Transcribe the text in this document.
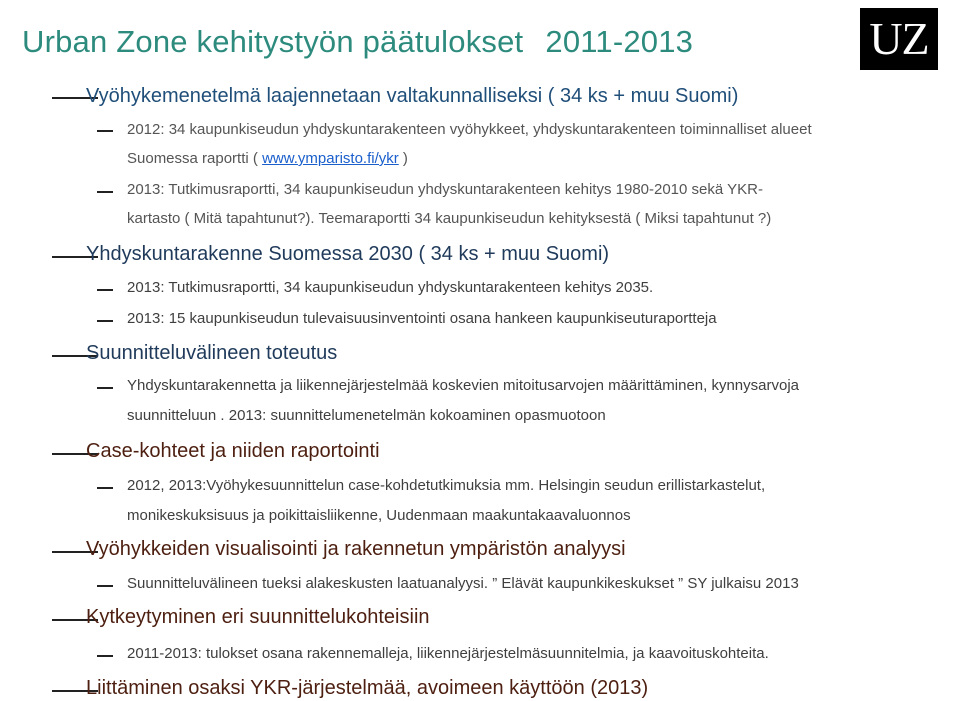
Urban Zone kehitystyön päätulokset 2011-2013	UZ
Vyöhykemenetelmä laajennetaan valtakunnalliseksi ( 34 ks + muu Suomi)
2012: 34 kaupunkiseudun yhdyskuntarakenteen vyöhykkeet, yhdyskuntarakenteen toiminnalliset alueet
Suomessa raportti ( www.ymparisto.fi/ykr )
2013: Tutkimusraportti, 34 kaupunkiseudun yhdyskuntarakenteen kehitys 1980-2010 sekä YKR-
kartasto ( Mitä tapahtunut?). Teemaraportti 34 kaupunkiseudun kehityksestä ( Miksi tapahtunut ?)
Yhdyskuntarakenne Suomessa 2030 ( 34 ks + muu Suomi)
2013: Tutkimusraportti, 34 kaupunkiseudun yhdyskuntarakenteen kehitys 2035.
2013: 15 kaupunkiseudun tulevaisuusinventointi osana hankeen kaupunkiseuturaportteja
Suunnitteluvälineen toteutus
Yhdyskuntarakennetta ja liikennejärjestelmää koskevien mitoitusarvojen määrittäminen, kynnysarvoja
suunnitteluun . 2013: suunnittelumenetelmän kokoaminen opasmuotoon
Case-kohteet ja niiden raportointi
2012, 2013:Vyöhykesuunnittelun case-kohdetutkimuksia mm. Helsingin seudun erillistarkastelut,
monikeskuksisuus ja poikittaisliikenne, Uudenmaan maakuntakaavaluonnos
Vyöhykkeiden visualisointi ja rakennetun ympäristön analyysi
Suunnitteluvälineen tueksi alakeskusten laatuanalyysi. ” Elävät kaupunkikeskukset ” SY julkaisu 2013
Kytkeytyminen eri suunnittelukohteisiin
2011-2013: tulokset osana rakennemalleja, liikennejärjestelmäsuunnitelmia, ja kaavoituskohteita.
Liittäminen osaksi YKR-järjestelmää, avoimeen käyttöön (2013)
